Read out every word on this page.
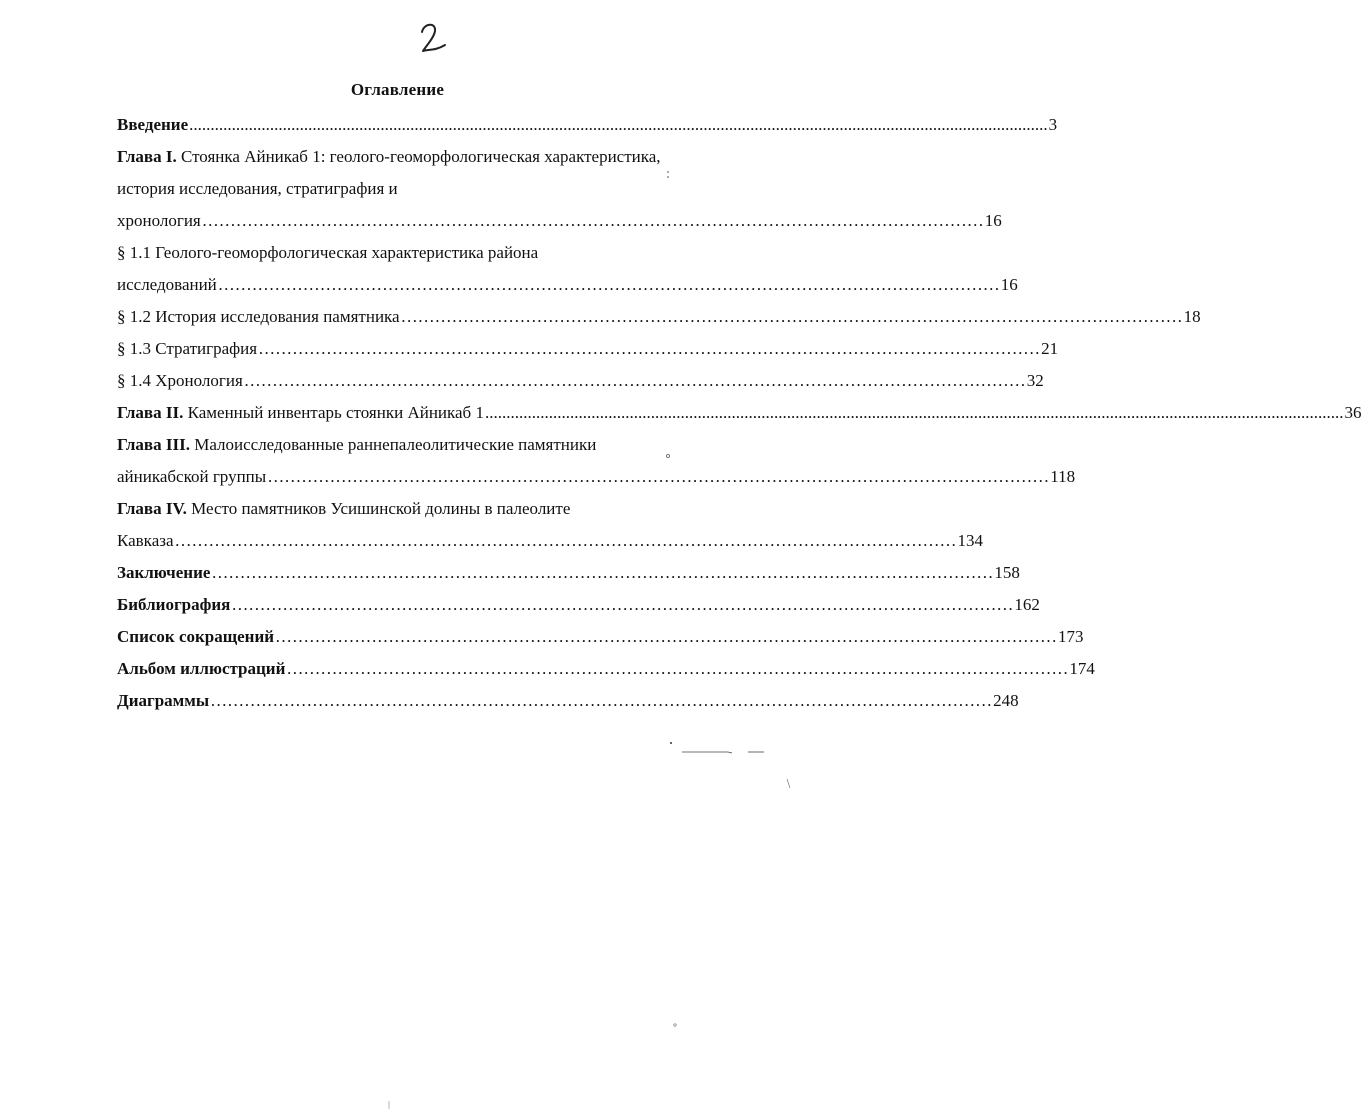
2
Оглавление
Введение .......................................................................................................................................................................................................... 3
Глава I. Стоянка Айникаб 1: геолого-геоморфологическая характеристика,
история исследования, стратиграфия и
хронология ………………………………………………………………………………………………………………………… 16
§ 1.1 Геолого-геоморфологическая характеристика района
исследований ………………………………………………………………………………………………………………………… 16
§ 1.2 История исследования памятника ………………………………………………………………………………………………………………………… 18
§ 1.3 Стратиграфия ………………………………………………………………………………………………………………………… 21
§ 1.4 Хронология ………………………………………………………………………………………………………………………… 32
Глава II. Каменный инвентарь стоянки Айникаб 1 .......................................................................................................................................................................................................... 36
Глава III. Малоисследованные раннепалеолитические памятники
айникабской группы ………………………………………………………………………………………………………………………… 118
Глава IV. Место памятников Усишинской долины в палеолите
Кавказа ………………………………………………………………………………………………………………………… 134
Заключение ………………………………………………………………………………………………………………………… 158
Библиография ………………………………………………………………………………………………………………………… 162
Список сокращений ………………………………………………………………………………………………………………………… 173
Альбом иллюстраций ………………………………………………………………………………………………………………………… 174
Диаграммы ………………………………………………………………………………………………………………………… 248
